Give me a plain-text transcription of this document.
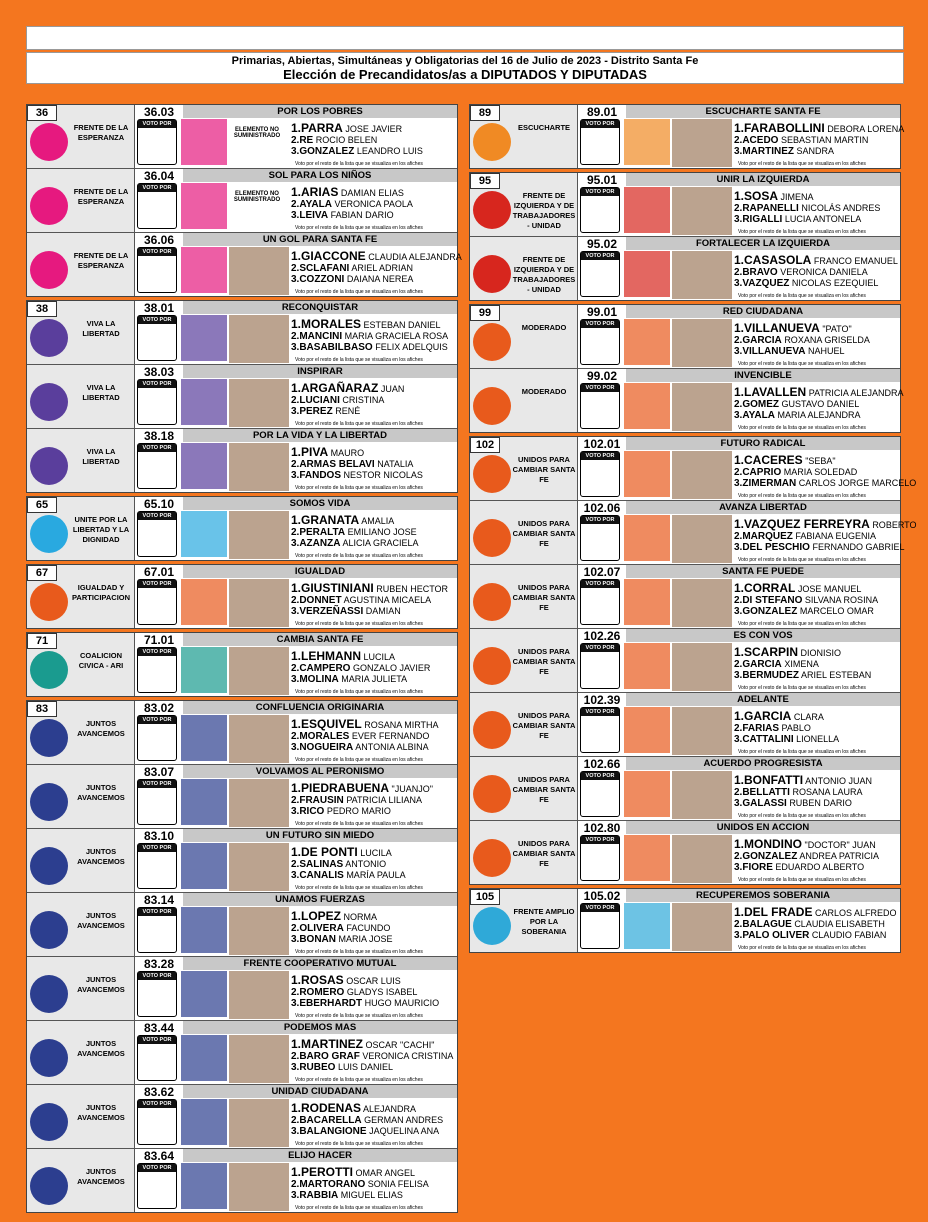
Primarias, Abiertas, Simultáneas y Obligatorias del 16 de Julio de 2023 - Distrito Santa Fe
Elección de Precandidatos/as a DIPUTADOS Y DIPUTADAS
36
FRENTE DE LA ESPERANZA
36.03
VOTO POR
ELEMENTO NO SUMINISTRADO
POR LOS POBRES
1.PARRA JOSE JAVIER
2.RE ROCIO BELEN
3.GONZALEZ LEANDRO LUIS
Voto por el resto de la lista que se visualiza en los afiches
FRENTE DE LA ESPERANZA
36.04
VOTO POR
ELEMENTO NO SUMINISTRADO
SOL PARA LOS NIÑOS
1.ARIAS DAMIAN ELIAS
2.AYALA VERONICA PAOLA
3.LEIVA FABIAN DARIO
Voto por el resto de la lista que se visualiza en los afiches
FRENTE DE LA ESPERANZA
36.06
VOTO POR
UN GOL PARA SANTA FE
1.GIACCONE CLAUDIA ALEJANDRA
2.SCLAFANI ARIEL ADRIAN
3.COZZONI DAIANA NEREA
Voto por el resto de la lista que se visualiza en los afiches
38
VIVA LA LIBERTAD
38.01
VOTO POR
RECONQUISTAR
1.MORALES ESTEBAN DANIEL
2.MANCINI MARIA GRACIELA ROSA
3.BASABILBASO FELIX ADELQUIS
Voto por el resto de la lista que se visualiza en los afiches
VIVA LA LIBERTAD
38.03
VOTO POR
INSPIRAR
1.ARGAÑARAZ JUAN
2.LUCIANI CRISTINA
3.PEREZ RENÉ
Voto por el resto de la lista que se visualiza en los afiches
VIVA LA LIBERTAD
38.18
VOTO POR
POR LA VIDA Y LA LIBERTAD
1.PIVA MAURO
2.ARMAS BELAVI NATALIA
3.FANDOS NESTOR NICOLAS
Voto por el resto de la lista que se visualiza en los afiches
65
UNITE POR LA LIBERTAD Y LA DIGNIDAD
65.10
VOTO POR
SOMOS VIDA
1.GRANATA AMALIA
2.PERALTA EMILIANO JOSE
3.AZANZA ALICIA GRACIELA
Voto por el resto de la lista que se visualiza en los afiches
67
IGUALDAD Y PARTICIPACION
67.01
VOTO POR
IGUALDAD
1.GIUSTINIANI RUBEN HECTOR
2.DONNET AGUSTINA MICAELA
3.VERZEÑASSI DAMIAN
Voto por el resto de la lista que se visualiza en los afiches
71
COALICION CIVICA - ARI
71.01
VOTO POR
CAMBIA SANTA FE
1.LEHMANN LUCILA
2.CAMPERO GONZALO JAVIER
3.MOLINA MARIA JULIETA
Voto por el resto de la lista que se visualiza en los afiches
83
JUNTOS AVANCEMOS
83.02
VOTO POR
CONFLUENCIA ORIGINARIA
1.ESQUIVEL ROSANA MIRTHA
2.MORALES EVER FERNANDO
3.NOGUEIRA ANTONIA ALBINA
Voto por el resto de la lista que se visualiza en los afiches
JUNTOS AVANCEMOS
83.07
VOTO POR
VOLVAMOS AL PERONISMO
1.PIEDRABUENA "JUANJO"
2.FRAUSIN PATRICIA LILIANA
3.RICO PEDRO MARIO
Voto por el resto de la lista que se visualiza en los afiches
JUNTOS AVANCEMOS
83.10
VOTO POR
UN FUTURO SIN MIEDO
1.DE PONTI LUCILA
2.SALINAS ANTONIO
3.CANALIS MARÍA PAULA
Voto por el resto de la lista que se visualiza en los afiches
JUNTOS AVANCEMOS
83.14
VOTO POR
UNAMOS FUERZAS
1.LOPEZ NORMA
2.OLIVERA FACUNDO
3.BONAN MARIA JOSE
Voto por el resto de la lista que se visualiza en los afiches
JUNTOS AVANCEMOS
83.28
VOTO POR
FRENTE COOPERATIVO MUTUAL
1.ROSAS OSCAR LUIS
2.ROMERO GLADYS ISABEL
3.EBERHARDT HUGO MAURICIO
Voto por el resto de la lista que se visualiza en los afiches
JUNTOS AVANCEMOS
83.44
VOTO POR
PODEMOS MAS
1.MARTINEZ OSCAR "CACHI"
2.BARO GRAF VERONICA CRISTINA
3.RUBEO LUIS DANIEL
Voto por el resto de la lista que se visualiza en los afiches
JUNTOS AVANCEMOS
83.62
VOTO POR
UNIDAD CIUDADANA
1.RODENAS ALEJANDRA
2.BACARELLA GERMAN ANDRES
3.BALANGIONE JAQUELINA ANA
Voto por el resto de la lista que se visualiza en los afiches
JUNTOS AVANCEMOS
83.64
VOTO POR
ELIJO HACER
1.PEROTTI OMAR ANGEL
2.MARTORANO SONIA FELISA
3.RABBIA MIGUEL ELIAS
Voto por el resto de la lista que se visualiza en los afiches
89
ESCUCHARTE
89.01
VOTO POR
ESCUCHARTE SANTA FE
1.FARABOLLINI DEBORA LORENA
2.ACEDO SEBASTIAN MARTIN
3.MARTINEZ SANDRA
Voto por el resto de la lista que se visualiza en los afiches
95
FRENTE DE IZQUIERDA Y DE TRABAJADORES - UNIDAD
95.01
VOTO POR
UNIR LA IZQUIERDA
1.SOSA JIMENA
2.RAPANELLI NICOLÁS ANDRES
3.RIGALLI LUCIA ANTONELA
Voto por el resto de la lista que se visualiza en los afiches
FRENTE DE IZQUIERDA Y DE TRABAJADORES - UNIDAD
95.02
VOTO POR
FORTALECER LA IZQUIERDA
1.CASASOLA FRANCO EMANUEL
2.BRAVO VERONICA DANIELA
3.VAZQUEZ NICOLAS EZEQUIEL
Voto por el resto de la lista que se visualiza en los afiches
99
MODERADO
99.01
VOTO POR
RED CIUDADANA
1.VILLANUEVA "PATO"
2.GARCIA ROXANA GRISELDA
3.VILLANUEVA NAHUEL
Voto por el resto de la lista que se visualiza en los afiches
MODERADO
99.02
VOTO POR
INVENCIBLE
1.LAVALLEN PATRICIA ALEJANDRA
2.GOMEZ GUSTAVO DANIEL
3.AYALA MARIA ALEJANDRA
Voto por el resto de la lista que se visualiza en los afiches
102
UNIDOS PARA CAMBIAR SANTA FE
102.01
VOTO POR
FUTURO RADICAL
1.CACERES "SEBA"
2.CAPRIO MARIA SOLEDAD
3.ZIMERMAN CARLOS JORGE MARCELO
Voto por el resto de la lista que se visualiza en los afiches
UNIDOS PARA CAMBIAR SANTA FE
102.06
VOTO POR
AVANZA LIBERTAD
1.VAZQUEZ FERREYRA ROBERTO
2.MARQUEZ FABIANA EUGENIA
3.DEL PESCHIO FERNANDO GABRIEL
Voto por el resto de la lista que se visualiza en los afiches
UNIDOS PARA CAMBIAR SANTA FE
102.07
VOTO POR
SANTA FE PUEDE
1.CORRAL JOSE MANUEL
2.DI STEFANO SILVANA ROSINA
3.GONZALEZ MARCELO OMAR
Voto por el resto de la lista que se visualiza en los afiches
UNIDOS PARA CAMBIAR SANTA FE
102.26
VOTO POR
ES CON VOS
1.SCARPIN DIONISIO
2.GARCIA XIMENA
3.BERMUDEZ ARIEL ESTEBAN
Voto por el resto de la lista que se visualiza en los afiches
UNIDOS PARA CAMBIAR SANTA FE
102.39
VOTO POR
ADELANTE
1.GARCIA CLARA
2.FARIAS PABLO
3.CATTALINI LIONELLA
Voto por el resto de la lista que se visualiza en los afiches
UNIDOS PARA CAMBIAR SANTA FE
102.66
VOTO POR
ACUERDO PROGRESISTA
1.BONFATTI ANTONIO JUAN
2.BELLATTI ROSANA LAURA
3.GALASSI RUBEN DARIO
Voto por el resto de la lista que se visualiza en los afiches
UNIDOS PARA CAMBIAR SANTA FE
102.80
VOTO POR
UNIDOS EN ACCION
1.MONDINO "DOCTOR" JUAN
2.GONZALEZ ANDREA PATRICIA
3.FIORE EDUARDO ALBERTO
Voto por el resto de la lista que se visualiza en los afiches
105
FRENTE AMPLIO POR LA SOBERANIA
105.02
VOTO POR
RECUPEREMOS SOBERANIA
1.DEL FRADE CARLOS ALFREDO
2.BALAGUE CLAUDIA ELISABETH
3.PALO OLIVER CLAUDIO FABIAN
Voto por el resto de la lista que se visualiza en los afiches
